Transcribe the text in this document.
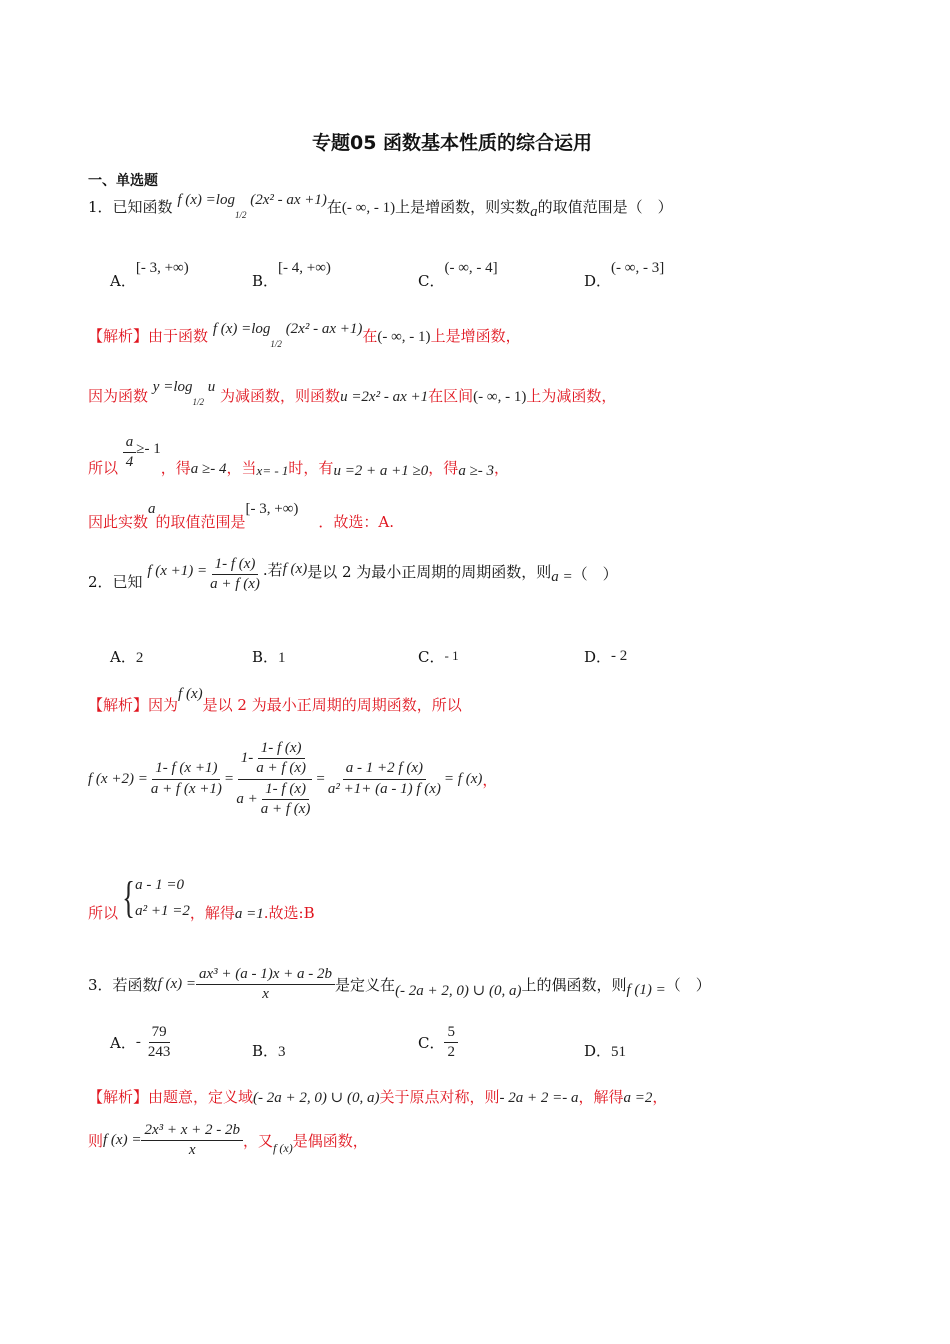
专题05 函数基本性质的综合运用
一、单选题
1．已知函数 f $(x) =\log_{1/2}$ (2x² - ax +1)在(- ∞, - 1)上是增函数，则实数a的取值范围是（　）
A．[- 3, +∞)
B．[- 4, +∞)
C．(- ∞, - 4]
D．(- ∞, - 3]
【解析】由于函数 f $(x) =\log_{1/2}$ (2x² - ax +1)在(- ∞, - 1)上是增函数，
因为函数 $y =\log_{1/2}$ u 为减函数，则函数u =2x² - ax +1在区间(- ∞, - 1)上为减函数，
所以 $\frac{a}{4} \ge- 1$，得a ≥- 4，当x= - 1时，有u =2 + a +1 ≥0，得a ≥- 3，
因此实数a的取值范围是[- 3, +∞)．故选：A.
2．已知 f $(x +1) = \frac{1- f (x)}{a + f (x)}$ .若f (x)是以 2 为最小正周期的周期函数，则a =（　）
A．2	B．1	C．- 1	D．- 2
【解析】因为f (x)是以 2 为最小正周期的周期函数，所以
f $(x +2) = \frac{1- f (x +1)}{a + f (x +1)} = \frac{1- \frac{1- f (x)}{a + f (x)}}{a + \frac{1- f (x)}{a + f (x)}} = \frac{a - 1 +2 f (x)}{\text{a² +1+ (a - 1) f (x)}} = f$ (x) ，
所以 { a - 1 =0
a² +1 =2 ，解得 a =1 .故选:B
3． 若函数 f $(x) = \frac{\text{ax³ + (a - 1)x + a - 2b}}{x}$ 是定义在 (- 2a + 2, 0) ∪ (0, a) 上的偶函数，则 f (1) = （　）
A． - $\frac{79}{243}$	B．3	C． $\frac{5}{2}$	D．51
【解析】由题意，定义域(- 2a + 2, 0) ∪ (0, a)关于原点对称，则- 2a + 2 =- a，解得a =2，
则 f $(x) = \frac{\text{2x³ + x + 2 - 2b}}{x}$ ，又 f (x) 是偶函数，
